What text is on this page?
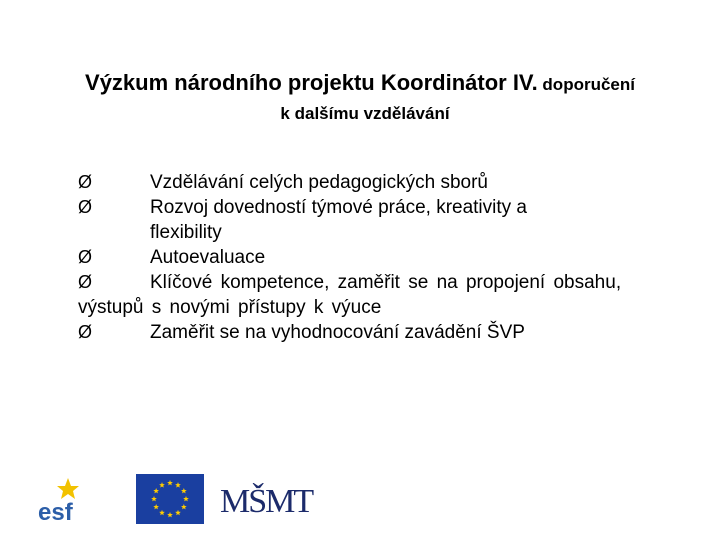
Výzkum národního projektu Koordinátor IV. doporučení
k dalšímu vzdělávání
Ø	Vzdělávání celých pedagogických sborů
Ø	Rozvoj dovedností týmové práce, kreativity a flexibility
Ø	Autoevaluace
Ø	Klíčové kompetence, zaměřit se na propojení obsahu, výstupů s novými přístupy k výuce
Ø	Zaměřit se na vyhodnocování zavádění ŠVP
esf	MŠMT
